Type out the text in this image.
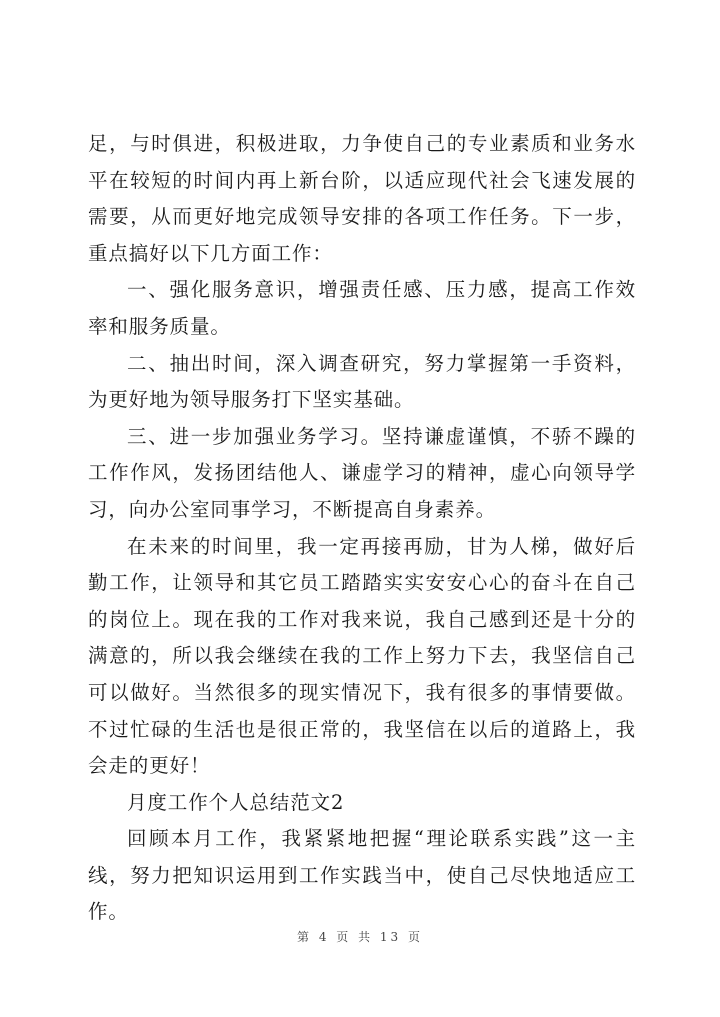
足，与时俱进，积极进取，力争使自己的专业素质和业务水平在较短的时间内再上新台阶，以适应现代社会飞速发展的需要，从而更好地完成领导安排的各项工作任务。下一步，重点搞好以下几方面工作：

一、强化服务意识，增强责任感、压力感，提高工作效率和服务质量。

二、抽出时间，深入调查研究，努力掌握第一手资料，为更好地为领导服务打下坚实基础。

三、进一步加强业务学习。坚持谦虚谨慎，不骄不躁的工作作风，发扬团结他人、谦虚学习的精神，虚心向领导学习，向办公室同事学习，不断提高自身素养。

在未来的时间里，我一定再接再励，甘为人梯，做好后勤工作，让领导和其它员工踏踏实实安安心心的奋斗在自己的岗位上。现在我的工作对我来说，我自己感到还是十分的满意的，所以我会继续在我的工作上努力下去，我坚信自己可以做好。当然很多的现实情况下，我有很多的事情要做。不过忙碌的生活也是很正常的，我坚信在以后的道路上，我会走的更好！

月度工作个人总结范文2

回顾本月工作，我紧紧地把握“理论联系实践”这一主线，努力把知识运用到工作实践当中，使自己尽快地适应工作。

第 4 页 共 13 页
